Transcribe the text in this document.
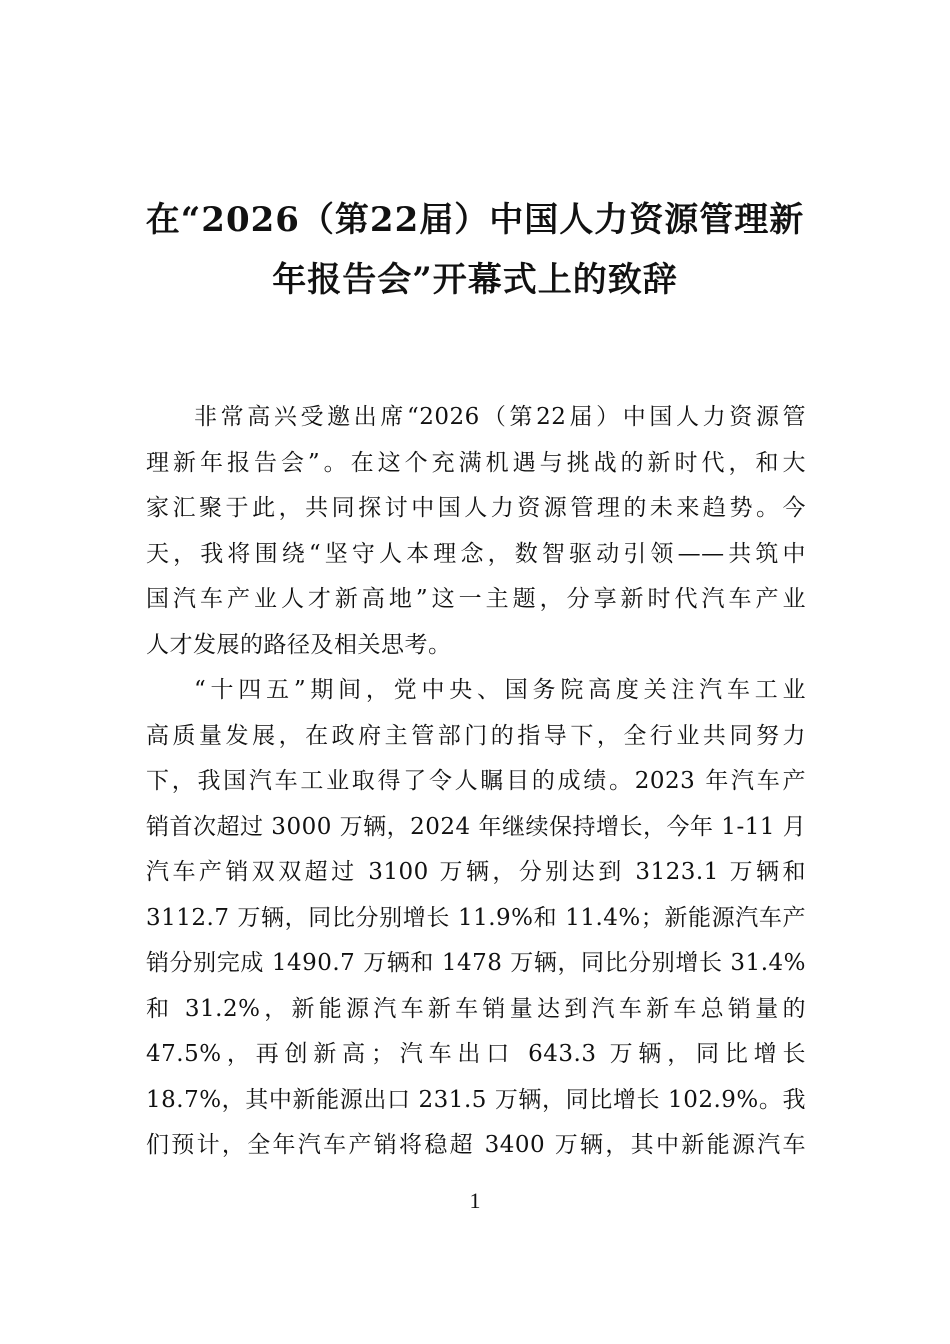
在“2026（第22届）中国人力资源管理新
年报告会”开幕式上的致辞
非常高兴受邀出席“2026（第22届）中国人力资源管
理新年报告会”。在这个充满机遇与挑战的新时代，和大
家汇聚于此，共同探讨中国人力资源管理的未来趋势。今
天，我将围绕“坚守人本理念，数智驱动引领——共筑中
国汽车产业人才新高地”这一主题，分享新时代汽车产业
人才发展的路径及相关思考。
“十四五”期间，党中央、国务院高度关注汽车工业
高质量发展，在政府主管部门的指导下，全行业共同努力
下，我国汽车工业取得了令人瞩目的成绩。2023 年汽车产
销首次超过 3000 万辆，2024 年继续保持增长，今年 1-11 月
汽车产销双双超过 3100 万辆，分别达到 3123.1 万辆和
3112.7 万辆，同比分别增长 11.9%和 11.4%；新能源汽车产
销分别完成 1490.7 万辆和 1478 万辆，同比分别增长 31.4%
和 31.2%，新能源汽车新车销量达到汽车新车总销量的
47.5%，再创新高；汽车出口 643.3 万辆，同比增长
18.7%，其中新能源出口 231.5 万辆，同比增长 102.9%。我
们预计，全年汽车产销将稳超 3400 万辆，其中新能源汽车
1
